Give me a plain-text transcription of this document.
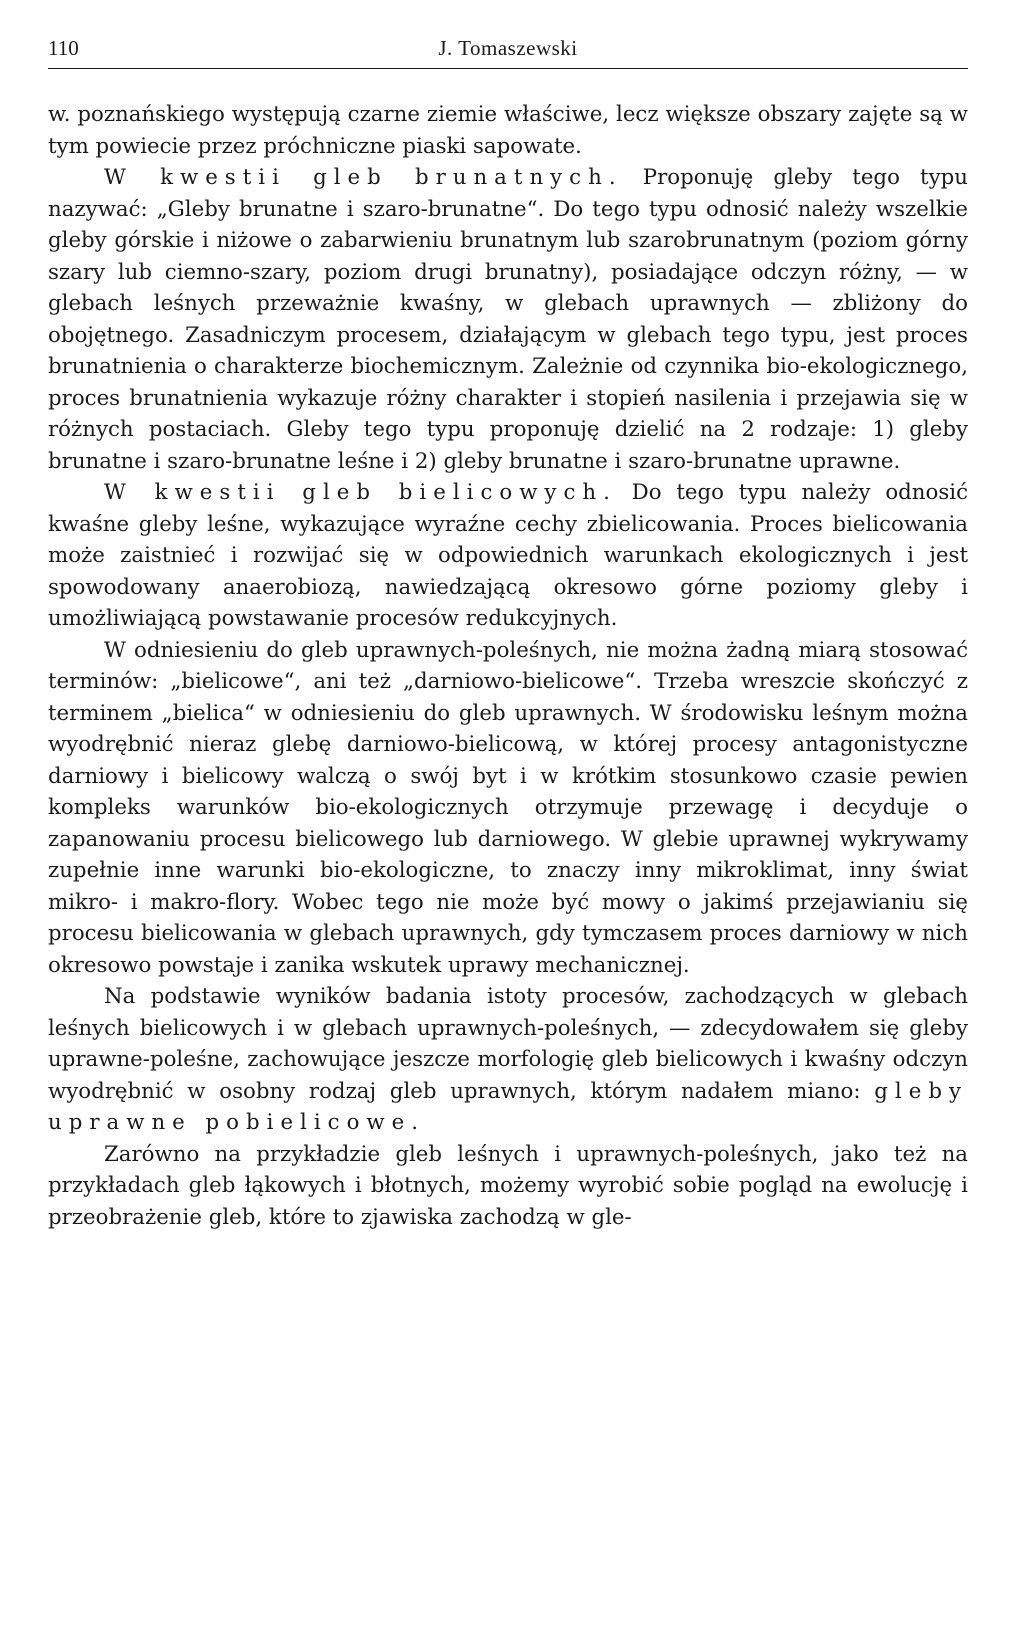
110	J. Tomaszewski

w. poznańskiego występują czarne ziemie właściwe, lecz większe obszary zajęte są w tym powiecie przez próchniczne piaski sapowate.

W kwestii gleb brunatnych. Proponuję gleby tego typu nazywać: „Gleby brunatne i szaro-brunatne“. Do tego typu odnosić należy wszelkie gleby górskie i niżowe o zabarwieniu brunatnym lub szarobrunatnym (poziom górny szary lub ciemno-szary, poziom drugi brunatny), posiadające odczyn różny, — w glebach leśnych przeważnie kwaśny, w glebach uprawnych — zbliżony do obojętnego. Zasadniczym procesem, działającym w glebach tego typu, jest proces brunatnienia o charakterze biochemicznym. Zależnie od czynnika bio-ekologicznego, proces brunatnienia wykazuje różny charakter i stopień nasilenia i przejawia się w różnych postaciach. Gleby tego typu proponuję dzielić na 2 rodzaje: 1) gleby brunatne i szaro-brunatne leśne i 2) gleby brunatne i szaro-brunatne uprawne.

W kwestii gleb bielicowych. Do tego typu należy odnosić kwaśne gleby leśne, wykazujące wyraźne cechy zbielicowania. Proces bielicowania może zaistnieć i rozwijać się w odpowiednich warunkach ekologicznych i jest spowodowany anaerobiozą, nawiedzającą okresowo górne poziomy gleby i umożliwiającą powstawanie procesów redukcyjnych.

W odniesieniu do gleb uprawnych-poleśnych, nie można żadną miarą stosować terminów: „bielicowe“, ani też „darniowo-bielicowe“. Trzeba wreszcie skończyć z terminem „bielica“ w odniesieniu do gleb uprawnych. W środowisku leśnym można wyodrębnić nieraz glebę darniowo-bielicową, w której procesy antagonistyczne darniowy i bielicowy walczą o swój byt i w krótkim stosunkowo czasie pewien kompleks warunków bio-ekologicznych otrzymuje przewagę i decyduje o zapanowaniu procesu bielicowego lub darniowego. W glebie uprawnej wykrywamy zupełnie inne warunki bio-ekologiczne, to znaczy inny mikroklimat, inny świat mikro- i makro-flory. Wobec tego nie może być mowy o jakimś przejawianiu się procesu bielicowania w glebach uprawnych, gdy tymczasem proces darniowy w nich okresowo powstaje i zanika wskutek uprawy mechanicznej.

Na podstawie wyników badania istoty procesów, zachodzących w glebach leśnych bielicowych i w glebach uprawnych-poleśnych, — zdecydowałem się gleby uprawne-poleśne, zachowujące jeszcze morfologię gleb bielicowych i kwaśny odczyn wyodrębnić w osobny rodzaj gleb uprawnych, którym nadałem miano: gleby uprawne pobielicowe.

Zarówno na przykładzie gleb leśnych i uprawnych-poleśnych, jako też na przykładach gleb łąkowych i błotnych, możemy wyrobić sobie pogląd na ewolucję i przeobrażenie gleb, które to zjawiska zachodzą w gle-
